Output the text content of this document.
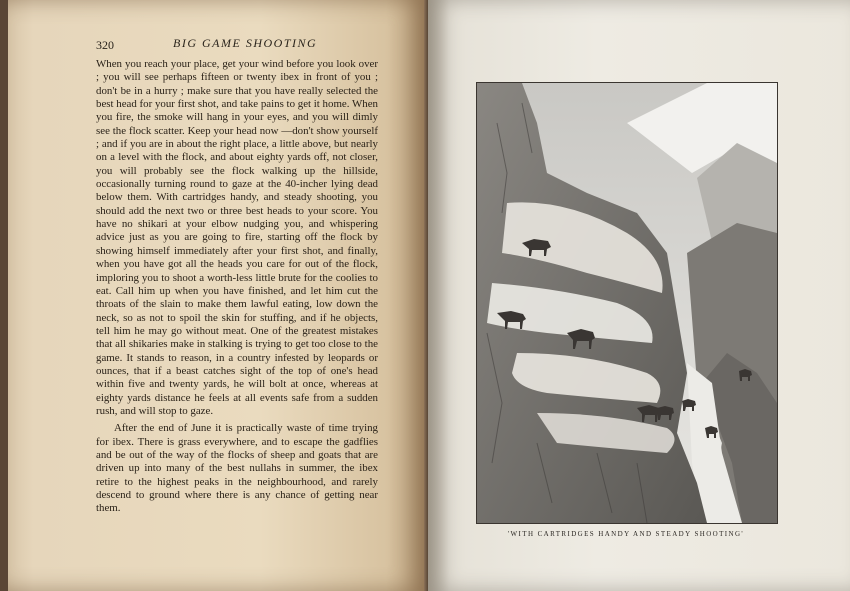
320	BIG GAME SHOOTING

When you reach your place, get your wind before you look over ; you will see perhaps fifteen or twenty ibex in front of you ; don't be in a hurry ; make sure that you have really selected the best head for your first shot, and take pains to get it home. When you fire, the smoke will hang in your eyes, and you will dimly see the flock scatter. Keep your head now —don't show yourself ; and if you are in about the right place, a little above, but nearly on a level with the flock, and about eighty yards off, not closer, you will probably see the flock walking up the hillside, occasionally turning round to gaze at the 40-incher lying dead below them. With cartridges handy, and steady shooting, you should add the next two or three best heads to your score. You have no shikari at your elbow nudging you, and whispering advice just as you are going to fire, starting off the flock by showing himself immediately after your first shot, and finally, when you have got all the heads you care for out of the flock, imploring you to shoot a worth-less little brute for the coolies to eat. Call him up when you have finished, and let him cut the throats of the slain to make them lawful eating, low down the neck, so as not to spoil the skin for stuffing, and if he objects, tell him he may go without meat. One of the greatest mistakes that all shikaries make in stalking is trying to get too close to the game. It stands to reason, in a country infested by leopards or ounces, that if a beast catches sight of the top of one's head within five and twenty yards, he will bolt at once, whereas at eighty yards distance he feels at all events safe from a sudden rush, and will stop to gaze.

After the end of June it is practically waste of time trying for ibex. There is grass everywhere, and to escape the gadflies and be out of the way of the flocks of sheep and goats that are driven up into many of the best nullahs in summer, the ibex retire to the highest peaks in the neighbourhood, and rarely descend to ground where there is any chance of getting near them.

'WITH CARTRIDGES HANDY AND STEADY SHOOTING'
